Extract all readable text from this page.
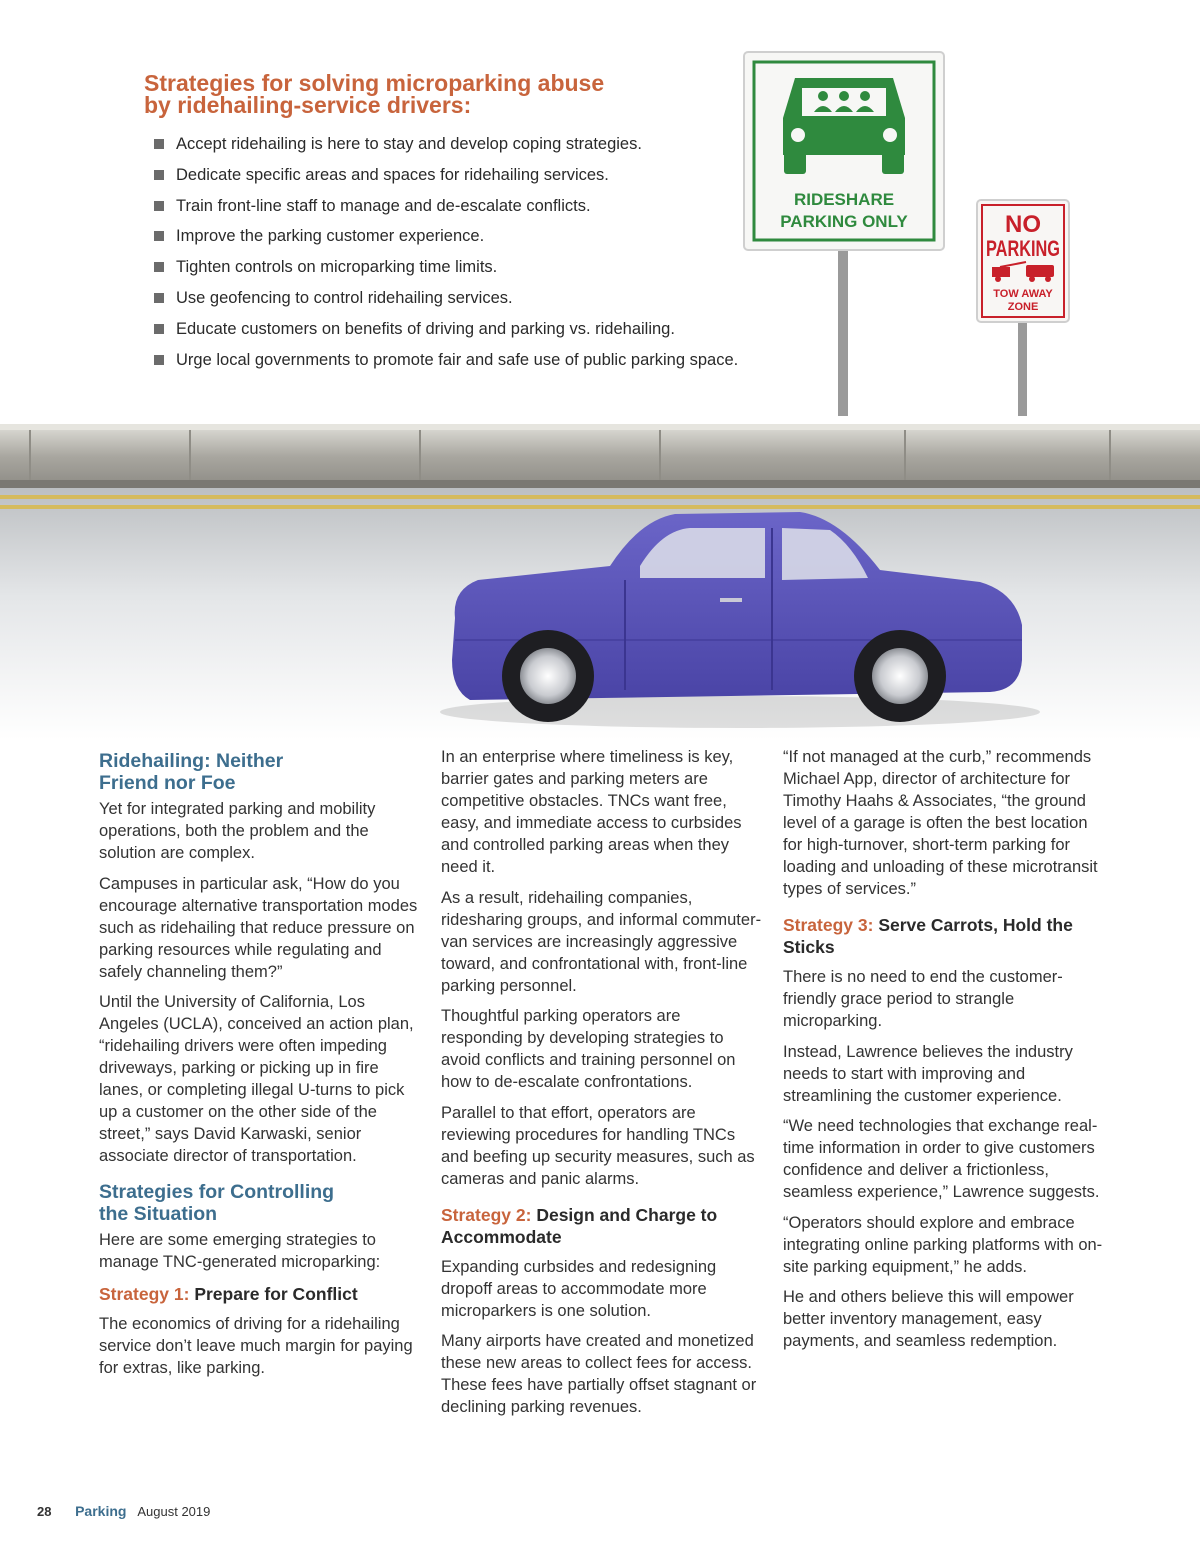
RIDESHARE
PARKING ONLY	NO
PARKING
TOW AWAY
ZONE
Strategies for solving microparking abuse
by ridehailing-service drivers:
Accept ridehailing is here to stay and develop coping strategies.
Dedicate specific areas and spaces for ridehailing services.
Train front-line staff to manage and de-escalate conflicts.
Improve the parking customer experience.
Tighten controls on microparking time limits.
Use geofencing to control ridehailing services.
Educate customers on benefits of driving and parking vs. ridehailing.
Urge local governments to promote fair and safe use of public parking space.
Ridehailing: Neither
Friend nor Foe

Yet for integrated parking and mobility operations, both the problem and the solution are complex.

Campuses in particular ask, “How do you encourage alternative transportation modes such as ridehailing that reduce pressure on parking resources while regulating and safely channeling them?”

Until the University of California, Los Angeles (UCLA), conceived an action plan, “ridehailing drivers were often impeding driveways, parking or picking up in fire lanes, or completing illegal U-turns to pick up a customer on the other side of the street,” says David Karwaski, senior associate director of transportation.

Strategies for Controlling
the Situation

Here are some emerging strategies to manage TNC-generated microparking:

Strategy 1: Prepare for Conflict

The economics of driving for a ridehailing service don’t leave much margin for paying for extras, like parking.

In an enterprise where timeliness is key, barrier gates and parking meters are competitive obstacles. TNCs want free, easy, and immediate access to curbsides and controlled parking areas when they need it.

As a result, ridehailing companies, ridesharing groups, and informal commuter-van services are increasingly aggressive toward, and confrontational with, front-line parking personnel.

Thoughtful parking operators are responding by developing strategies to avoid conflicts and training personnel on how to de-escalate confrontations.

Parallel to that effort, operators are reviewing procedures for handling TNCs and beefing up security measures, such as cameras and panic alarms.

Strategy 2: Design and Charge to Accommodate

Expanding curbsides and redesigning dropoff areas to accommodate more microparkers is one solution.

Many airports have created and monetized these new areas to collect fees for access. These fees have partially offset stagnant or declining parking revenues.

“If not managed at the curb,” recommends Michael App, director of architecture for Timothy Haahs & Associates, “the ground level of a garage is often the best location for high-turnover, short-term parking for loading and unloading of these microtransit types of services.”

Strategy 3: Serve Carrots, Hold the Sticks

There is no need to end the customer-friendly grace period to strangle microparking.

Instead, Lawrence believes the industry needs to start with improving and streamlining the customer experience.

“We need technologies that exchange real-time information in order to give customers confidence and deliver a frictionless, seamless experience,” Lawrence suggests.

“Operators should explore and embrace integrating online parking platforms with on-site parking equipment,” he adds.

He and others believe this will empower better inventory management, easy payments, and seamless redemption.

28 Parking August 2019
